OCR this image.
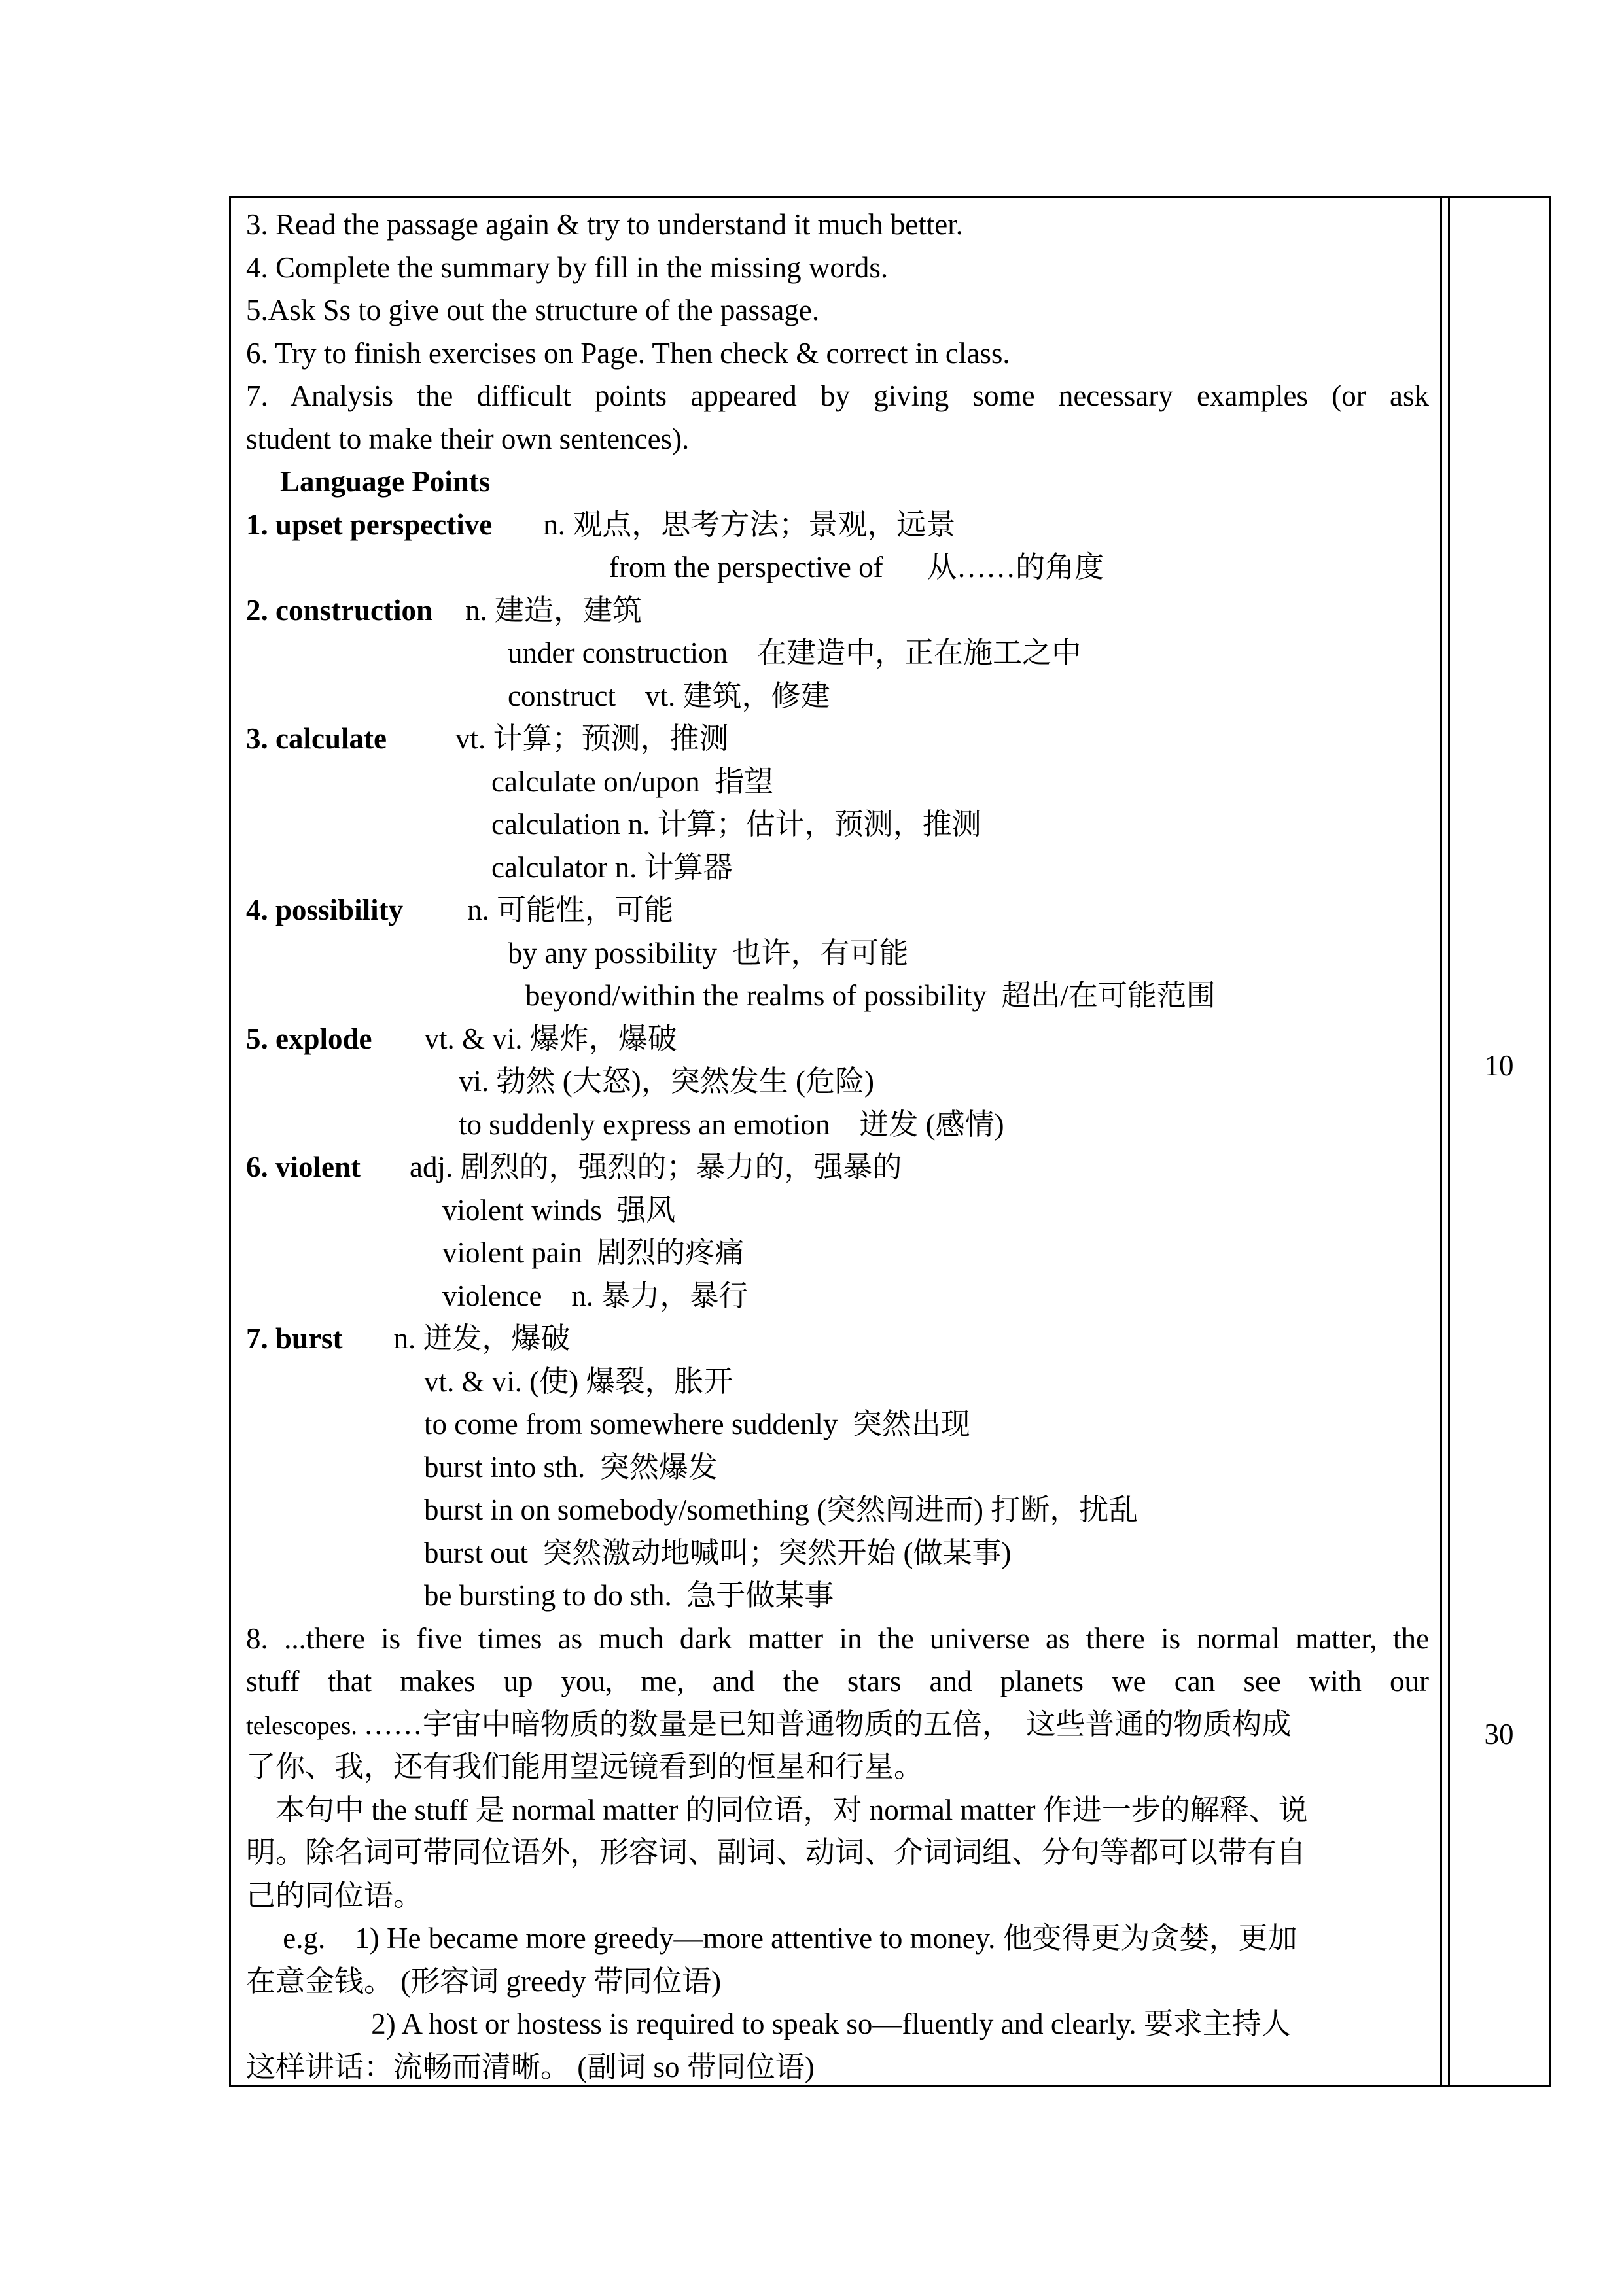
3. Read the passage again & try to understand it much better.
4. Complete the summary by fill in the missing words.
5.Ask Ss to give out the structure of the passage.
6. Try to finish exercises on Page. Then check & correct in class.
7. Analysis the difficult points appeared by giving some necessary examples (or ask
student to make their own sentences).
Language Points
1. upset perspective n. 观点，思考方法；景观，远景
from the perspective of      从……的角度
2. construction n. 建造，建筑
under construction    在建造中，正在施工之中
construct    vt. 建筑，修建
3. calculate vt. 计算；预测，推测
calculate on/upon  指望
calculation n. 计算；估计，预测，推测
calculator n. 计算器
4. possibility n. 可能性，可能
by any possibility  也许，有可能
beyond/within the realms of possibility  超出/在可能范围
5. explode vt. & vi. 爆炸，爆破
vi. 勃然 (大怒)，突然发生 (危险)
to suddenly express an emotion    迸发 (感情)
6. violent adj. 剧烈的，强烈的；暴力的，强暴的
violent winds  强风
violent pain  剧烈的疼痛
violence    n. 暴力，暴行
7. burst n. 迸发，爆破
vt. & vi. (使) 爆裂，胀开
to come from somewhere suddenly  突然出现
burst into sth.  突然爆发
burst in on somebody/something (突然闯进而) 打断，扰乱
burst out  突然激动地喊叫；突然开始 (做某事)
be bursting to do sth.  急于做某事
8. ...there is five times as much dark matter in the universe as there is normal matter, the
stuff that makes up you, me, and the stars and planets we can see with our
telescopes. ……宇宙中暗物质的数量是已知普通物质的五倍，  这些普通的物质构成
了你、我，还有我们能用望远镜看到的恒星和行星。
本句中 the stuff 是 normal matter 的同位语，对 normal matter 作进一步的解释、说
明。除名词可带同位语外，形容词、副词、动词、介词词组、分句等都可以带有自
己的同位语。
e.g.    1) He became more greedy—more attentive to money. 他变得更为贪婪，更加
在意金钱。 (形容词 greedy 带同位语)
2) A host or hostess is required to speak so—fluently and clearly. 要求主持人
这样讲话：流畅而清晰。 (副词 so 带同位语)
10
30
